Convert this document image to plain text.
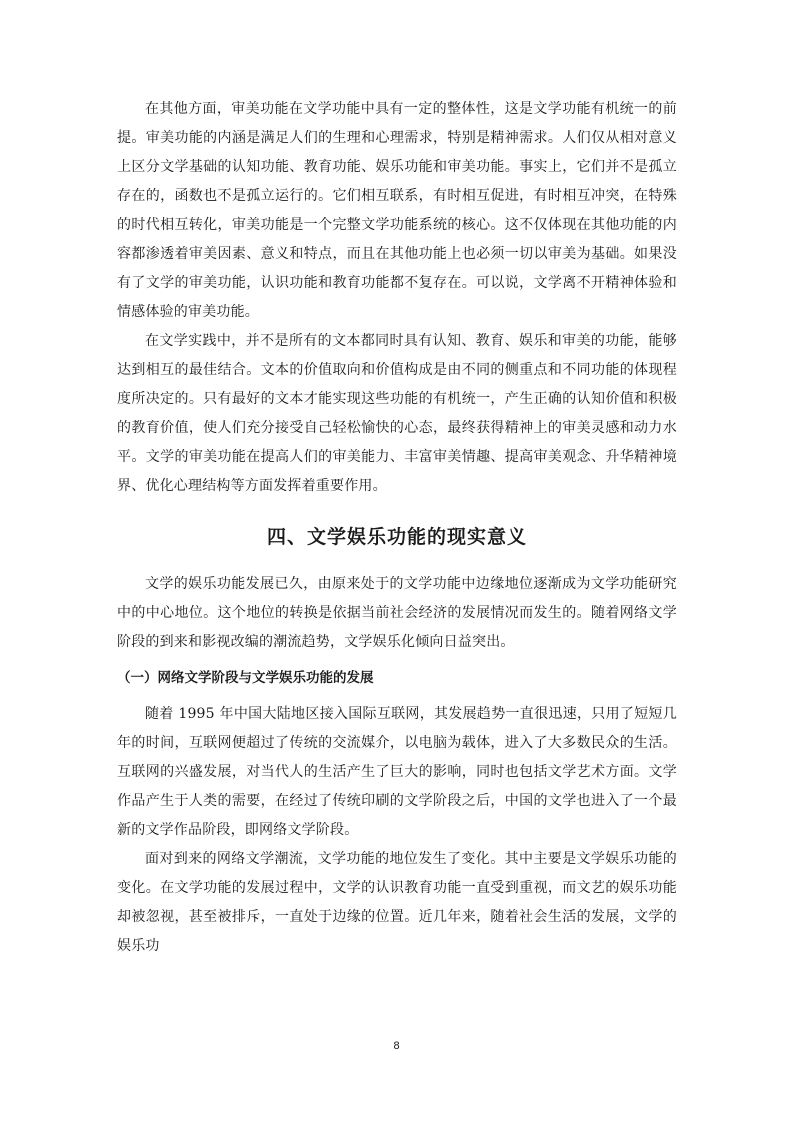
在其他方面，审美功能在文学功能中具有一定的整体性，这是文学功能有机统一的前提。审美功能的内涵是满足人们的生理和心理需求，特别是精神需求。人们仅从相对意义上区分文学基础的认知功能、教育功能、娱乐功能和审美功能。事实上，它们并不是孤立存在的，函数也不是孤立运行的。它们相互联系，有时相互促进，有时相互冲突，在特殊的时代相互转化，审美功能是一个完整文学功能系统的核心。这不仅体现在其他功能的内容都渗透着审美因素、意义和特点，而且在其他功能上也必须一切以审美为基础。如果没有了文学的审美功能，认识功能和教育功能都不复存在。可以说，文学离不开精神体验和情感体验的审美功能。

在文学实践中，并不是所有的文本都同时具有认知、教育、娱乐和审美的功能，能够达到相互的最佳结合。文本的价值取向和价值构成是由不同的侧重点和不同功能的体现程度所决定的。只有最好的文本才能实现这些功能的有机统一，产生正确的认知价值和积极的教育价值，使人们充分接受自己轻松愉快的心态，最终获得精神上的审美灵感和动力水平。文学的审美功能在提高人们的审美能力、丰富审美情趣、提高审美观念、升华精神境界、优化心理结构等方面发挥着重要作用。

四、文学娱乐功能的现实意义

文学的娱乐功能发展已久，由原来处于的文学功能中边缘地位逐渐成为文学功能研究中的中心地位。这个地位的转换是依据当前社会经济的发展情况而发生的。随着网络文学阶段的到来和影视改编的潮流趋势，文学娱乐化倾向日益突出。

（一）网络文学阶段与文学娱乐功能的发展

随着 1995 年中国大陆地区接入国际互联网，其发展趋势一直很迅速，只用了短短几年的时间，互联网便超过了传统的交流媒介，以电脑为载体，进入了大多数民众的生活。互联网的兴盛发展，对当代人的生活产生了巨大的影响，同时也包括文学艺术方面。文学作品产生于人类的需要，在经过了传统印刷的文学阶段之后，中国的文学也进入了一个最新的文学作品阶段，即网络文学阶段。

面对到来的网络文学潮流，文学功能的地位发生了变化。其中主要是文学娱乐功能的变化。在文学功能的发展过程中，文学的认识教育功能一直受到重视，而文艺的娱乐功能却被忽视，甚至被排斥，一直处于边缘的位置。近几年来，随着社会生活的发展，文学的娱乐功

8
